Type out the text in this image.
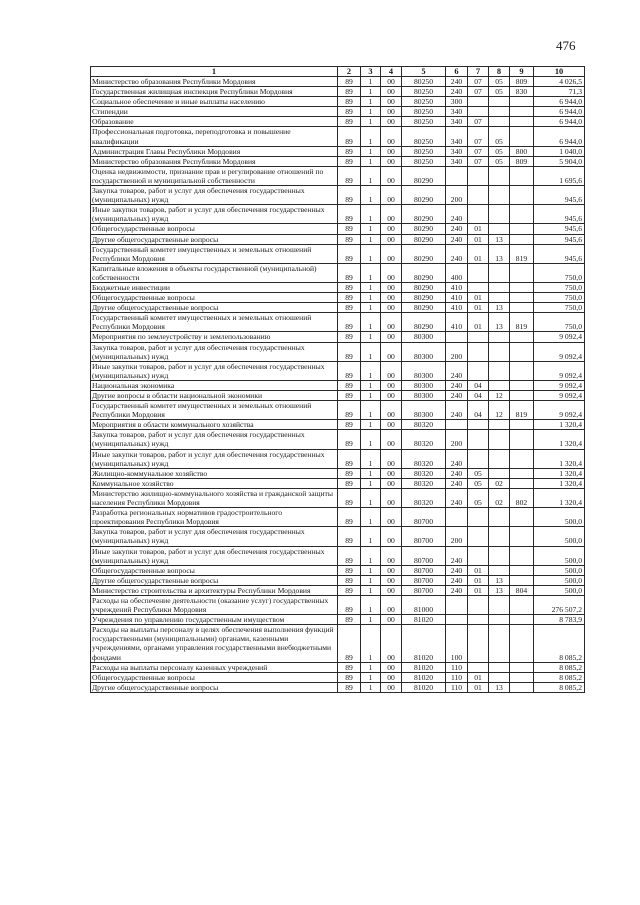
476
1	2	3	4	5	6	7	8	9	10
Министерство образования Республики Мордовия	89	1	00	80250	240	07	05	809	4 026,5
Государственная жилищная инспекция Республики Мордовия	89	1	00	80250	240	07	05	830	71,3
Социальное обеспечение и иные выплаты населению	89	1	00	80250	300				6 944,0
Стипендии	89	1	00	80250	340				6 944,0
Образование	89	1	00	80250	340	07			6 944,0
Профессиональная подготовка, переподготовка и повышение квалификации	89	1	00	80250	340	07	05		6 944,0
Администрация Главы Республики Мордовия	89	1	00	80250	340	07	05	800	1 040,0
Министерство образования Республики Мордовия	89	1	00	80250	340	07	05	809	5 904,0
Оценка недвижимости, признание прав и регулирование отношений по государственной и муниципальной собственности	89	1	00	80290					1 695,6
Закупка товаров, работ и услуг для обеспечения государственных (муниципальных) нужд	89	1	00	80290	200				945,6
Иные закупки товаров, работ и услуг для обеспечения государственных (муниципальных) нужд	89	1	00	80290	240				945,6
Общегосударственные вопросы	89	1	00	80290	240	01			945,6
Другие общегосударственные вопросы	89	1	00	80290	240	01	13		945,6
Государственный комитет имущественных и земельных отношений Республики Мордовия	89	1	00	80290	240	01	13	819	945,6
Капитальные вложения в объекты государственной (муниципальной) собственности	89	1	00	80290	400				750,0
Бюджетные инвестиции	89	1	00	80290	410				750,0
Общегосударственные вопросы	89	1	00	80290	410	01			750,0
Другие общегосударственные вопросы	89	1	00	80290	410	01	13		750,0
Государственный комитет имущественных и земельных отношений Республики Мордовия	89	1	00	80290	410	01	13	819	750,0
Мероприятия по землеустройству и землепользованию	89	1	00	80300					9 092,4
Закупка товаров, работ и услуг для обеспечения государственных (муниципальных) нужд	89	1	00	80300	200				9 092,4
Иные закупки товаров, работ и услуг для обеспечения государственных (муниципальных) нужд	89	1	00	80300	240				9 092,4
Национальная экономика	89	1	00	80300	240	04			9 092,4
Другие вопросы в области национальной экономики	89	1	00	80300	240	04	12		9 092,4
Государственный комитет имущественных и земельных отношений Республики Мордовия	89	1	00	80300	240	04	12	819	9 092,4
Мероприятия в области коммунального хозяйства	89	1	00	80320					1 320,4
Закупка товаров, работ и услуг для обеспечения государственных (муниципальных) нужд	89	1	00	80320	200				1 320,4
Иные закупки товаров, работ и услуг для обеспечения государственных (муниципальных) нужд	89	1	00	80320	240				1 320,4
Жилищно-коммунальное хозяйство	89	1	00	80320	240	05			1 320,4
Коммунальное хозяйство	89	1	00	80320	240	05	02		1 320,4
Министерство жилищно-коммунального хозяйства и гражданской защиты населения Республики Мордовия	89	1	00	80320	240	05	02	802	1 320,4
Разработка региональных нормативов градостроительного проектирования Республики Мордовия	89	1	00	80700					500,0
Закупка товаров, работ и услуг для обеспечения государственных (муниципальных) нужд	89	1	00	80700	200				500,0
Иные закупки товаров, работ и услуг для обеспечения государственных (муниципальных) нужд	89	1	00	80700	240				500,0
Общегосударственные вопросы	89	1	00	80700	240	01			500,0
Другие общегосударственные вопросы	89	1	00	80700	240	01	13		500,0
Министерство строительства и архитектуры Республики Мордовия	89	1	00	80700	240	01	13	804	500,0
Расходы на обеспечение деятельности (оказание услуг) государственных учреждений Республики Мордовия	89	1	00	81000					276 507,2
Учреждения по управлению государственным имуществом	89	1	00	81020					8 783,9
Расходы на выплаты персоналу в целях обеспечения выполнения функций государственными (муниципальными) органами, казенными учреждениями, органами управления государственными внебюджетными фондами	89	1	00	81020	100				8 085,2
Расходы на выплаты персоналу казенных учреждений	89	1	00	81020	110				8 085,2
Общегосударственные вопросы	89	1	00	81020	110	01			8 085,2
Другие общегосударственные вопросы	89	1	00	81020	110	01	13		8 085,2
